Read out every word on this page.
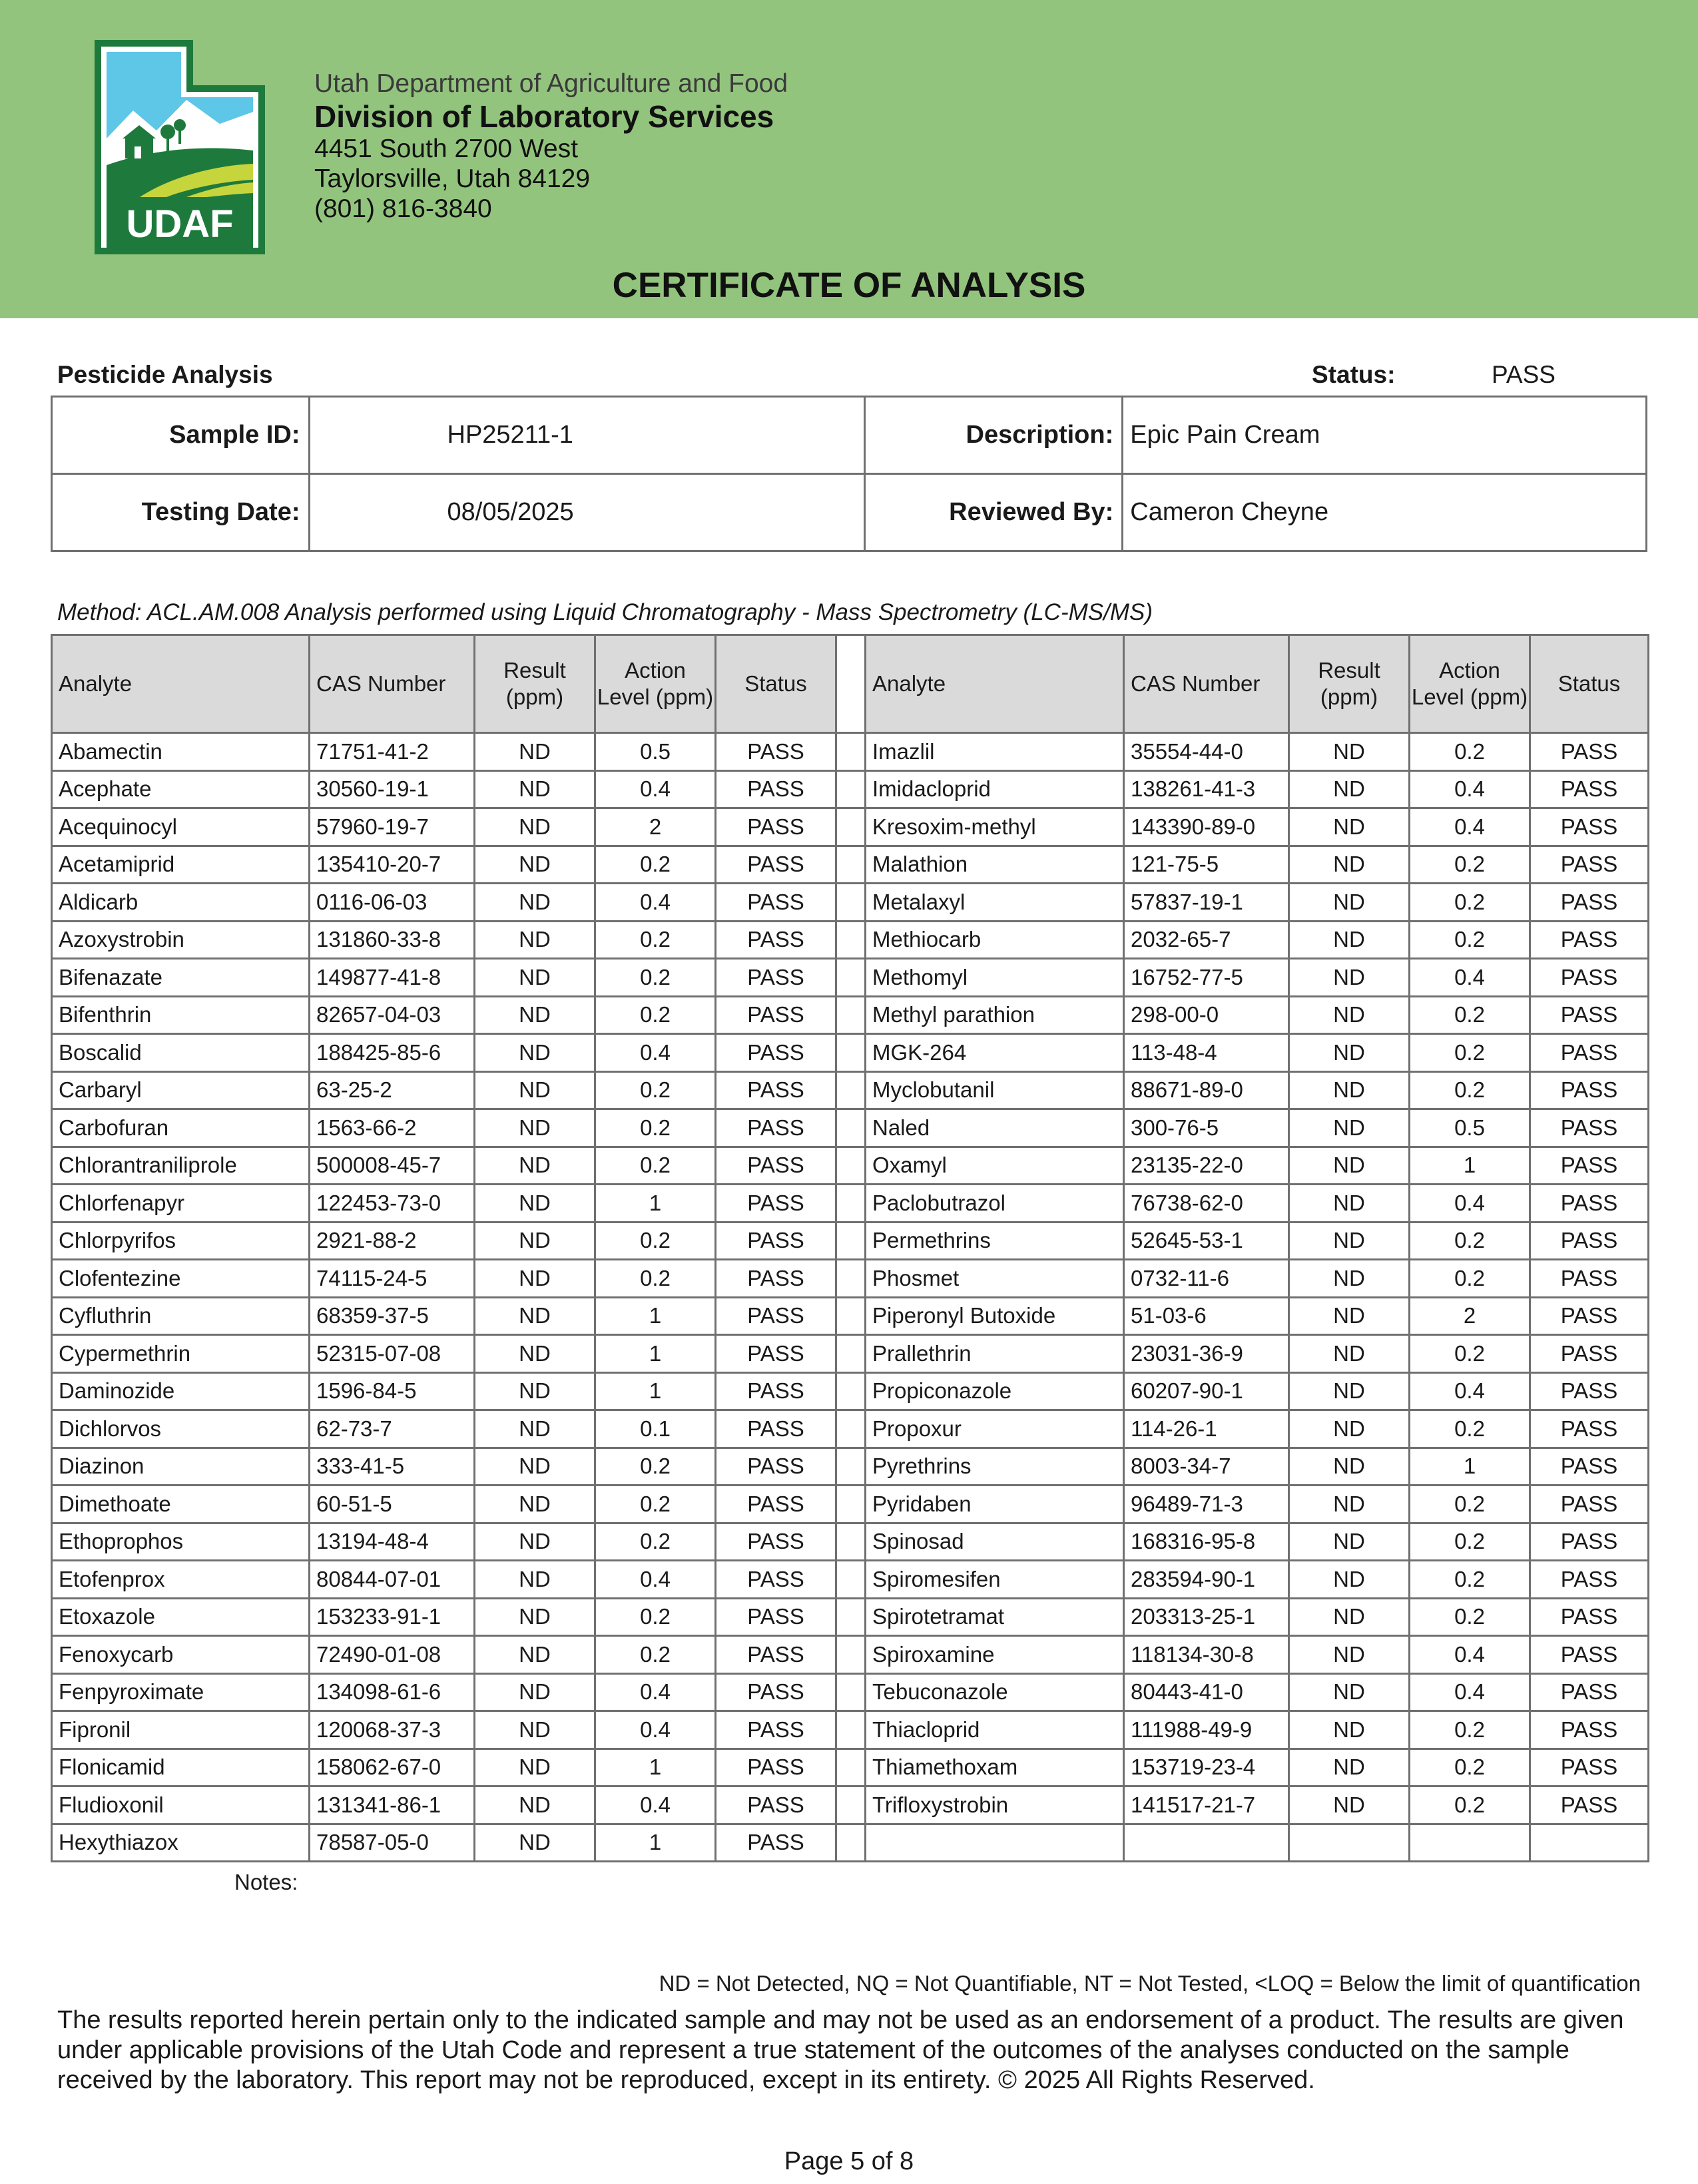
UDAF
Utah Department of Agriculture and Food
Division of Laboratory Services
4451 South 2700 West
Taylorsville, Utah 84129
(801) 816-3840
CERTIFICATE OF ANALYSIS
Pesticide Analysis	Status:	PASS
Sample ID:	HP25211-1	Description:	Epic Pain Cream
Testing Date:	08/05/2025	Reviewed By:	Cameron Cheyne
Method: ACL.AM.008 Analysis performed using Liquid Chromatography - Mass Spectrometry (LC-MS/MS)
Analyte	CAS Number	Result (ppm)	Action Level (ppm)	Status		Analyte	CAS Number	Result (ppm)	Action Level (ppm)	Status
Abamectin	71751-41-2	ND	0.5	PASS		Imazlil	35554-44-0	ND	0.2	PASS
Acephate	30560-19-1	ND	0.4	PASS		Imidacloprid	138261-41-3	ND	0.4	PASS
Acequinocyl	57960-19-7	ND	2	PASS		Kresoxim-methyl	143390-89-0	ND	0.4	PASS
Acetamiprid	135410-20-7	ND	0.2	PASS		Malathion	121-75-5	ND	0.2	PASS
Aldicarb	0116-06-03	ND	0.4	PASS		Metalaxyl	57837-19-1	ND	0.2	PASS
Azoxystrobin	131860-33-8	ND	0.2	PASS		Methiocarb	2032-65-7	ND	0.2	PASS
Bifenazate	149877-41-8	ND	0.2	PASS		Methomyl	16752-77-5	ND	0.4	PASS
Bifenthrin	82657-04-03	ND	0.2	PASS		Methyl parathion	298-00-0	ND	0.2	PASS
Boscalid	188425-85-6	ND	0.4	PASS		MGK-264	113-48-4	ND	0.2	PASS
Carbaryl	63-25-2	ND	0.2	PASS		Myclobutanil	88671-89-0	ND	0.2	PASS
Carbofuran	1563-66-2	ND	0.2	PASS		Naled	300-76-5	ND	0.5	PASS
Chlorantraniliprole	500008-45-7	ND	0.2	PASS		Oxamyl	23135-22-0	ND	1	PASS
Chlorfenapyr	122453-73-0	ND	1	PASS		Paclobutrazol	76738-62-0	ND	0.4	PASS
Chlorpyrifos	2921-88-2	ND	0.2	PASS		Permethrins	52645-53-1	ND	0.2	PASS
Clofentezine	74115-24-5	ND	0.2	PASS		Phosmet	0732-11-6	ND	0.2	PASS
Cyfluthrin	68359-37-5	ND	1	PASS		Piperonyl Butoxide	51-03-6	ND	2	PASS
Cypermethrin	52315-07-08	ND	1	PASS		Prallethrin	23031-36-9	ND	0.2	PASS
Daminozide	1596-84-5	ND	1	PASS		Propiconazole	60207-90-1	ND	0.4	PASS
Dichlorvos	62-73-7	ND	0.1	PASS		Propoxur	114-26-1	ND	0.2	PASS
Diazinon	333-41-5	ND	0.2	PASS		Pyrethrins	8003-34-7	ND	1	PASS
Dimethoate	60-51-5	ND	0.2	PASS		Pyridaben	96489-71-3	ND	0.2	PASS
Ethoprophos	13194-48-4	ND	0.2	PASS		Spinosad	168316-95-8	ND	0.2	PASS
Etofenprox	80844-07-01	ND	0.4	PASS		Spiromesifen	283594-90-1	ND	0.2	PASS
Etoxazole	153233-91-1	ND	0.2	PASS		Spirotetramat	203313-25-1	ND	0.2	PASS
Fenoxycarb	72490-01-08	ND	0.2	PASS		Spiroxamine	118134-30-8	ND	0.4	PASS
Fenpyroximate	134098-61-6	ND	0.4	PASS		Tebuconazole	80443-41-0	ND	0.4	PASS
Fipronil	120068-37-3	ND	0.4	PASS		Thiacloprid	111988-49-9	ND	0.2	PASS
Flonicamid	158062-67-0	ND	1	PASS		Thiamethoxam	153719-23-4	ND	0.2	PASS
Fludioxonil	131341-86-1	ND	0.4	PASS		Trifloxystrobin	141517-21-7	ND	0.2	PASS
Hexythiazox	78587-05-0	ND	1	PASS						
Notes:
ND = Not Detected, NQ = Not Quantifiable, NT = Not Tested, <LOQ = Below the limit of quantification
The results reported herein pertain only to the indicated sample and may not be used as an endorsement of a product. The results are given under applicable provisions of the Utah Code and represent a true statement of the outcomes of the analyses conducted on the sample received by the laboratory. This report may not be reproduced, except in its entirety. © 2025 All Rights Reserved.
Page 5 of 8
